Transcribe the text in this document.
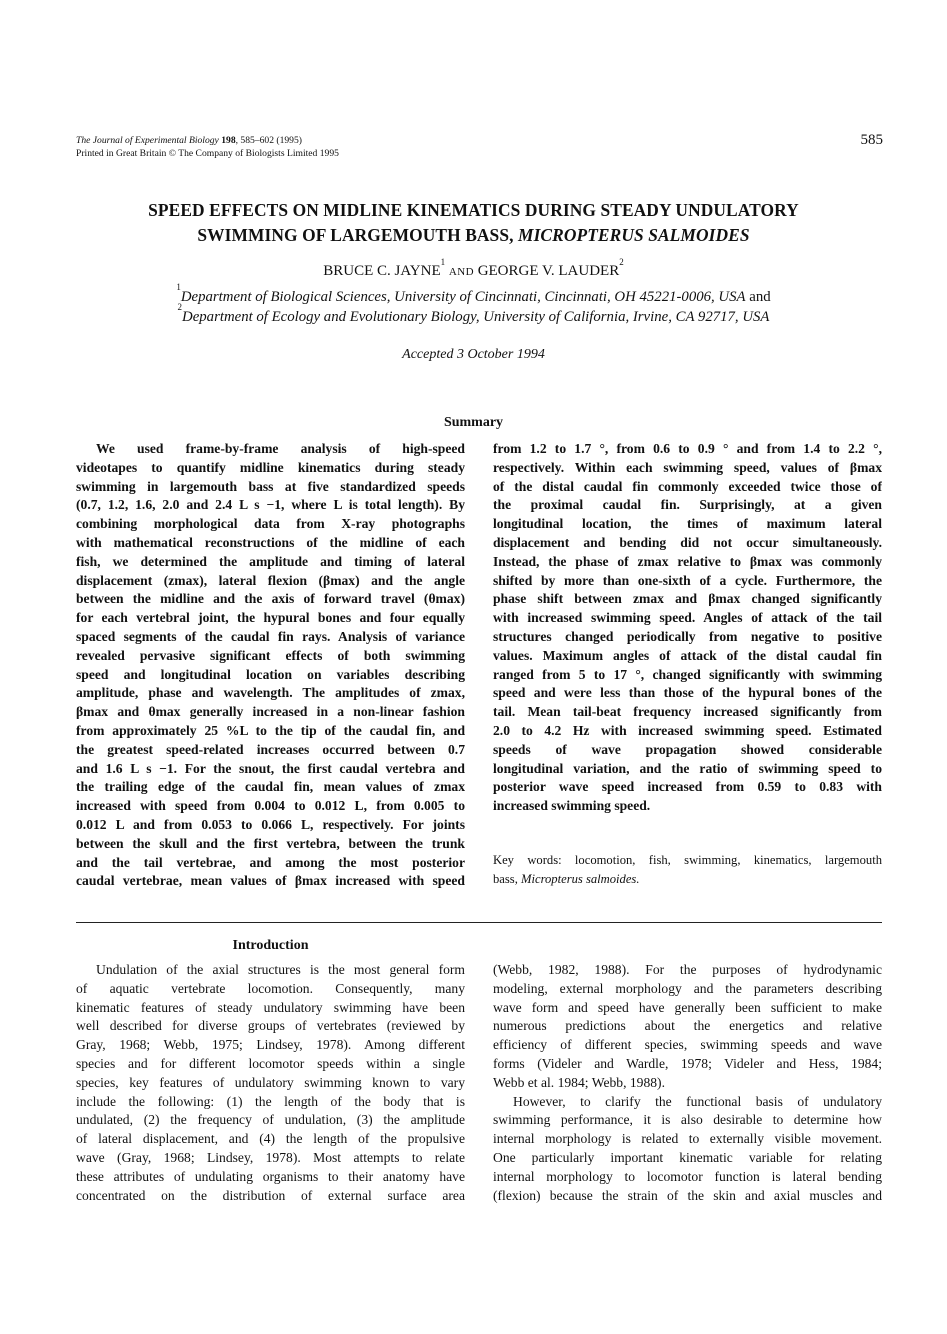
The Journal of Experimental Biology 198, 585–602 (1995)
Printed in Great Britain © The Company of Biologists Limited 1995
585
SPEED EFFECTS ON MIDLINE KINEMATICS DURING STEADY UNDULATORY
SWIMMING OF LARGEMOUTH BASS, MICROPTERUS SALMOIDES
BRUCE C. JAYNE$^1$ AND GEORGE V. LAUDER$^2$
$^1$Department of Biological Sciences, University of Cincinnati, Cincinnati, OH 45221-0006, USA and
$^2$Department of Ecology and Evolutionary Biology, University of California, Irvine, CA 92717, USA
Accepted 3 October 1994
Summary
We used frame-by-frame analysis of high-speed
videotapes to quantify midline kinematics during steady
swimming in largemouth bass at five standardized speeds
(0.7, 1.2, 1.6, 2.0 and 2.4 L s −1, where L is total length). By
combining morphological data from X-ray photographs
with mathematical reconstructions of the midline of each
fish, we determined the amplitude and timing of lateral
displacement (zmax), lateral flexion (βmax) and the angle
between the midline and the axis of forward travel (θmax)
for each vertebral joint, the hypural bones and four equally
spaced segments of the caudal fin rays. Analysis of variance
revealed pervasive significant effects of both swimming
speed and longitudinal location on variables describing
amplitude, phase and wavelength. The amplitudes of zmax,
βmax and θmax generally increased in a non-linear fashion
from approximately 25 %L to the tip of the caudal fin, and
the greatest speed-related increases occurred between 0.7
and 1.6 L s −1. For the snout, the first caudal vertebra and
the trailing edge of the caudal fin, mean values of zmax
increased with speed from 0.004 to 0.012 L, from 0.005 to
0.012 L and from 0.053 to 0.066 L, respectively. For joints
between the skull and the first vertebra, between the trunk
and the tail vertebrae, and among the most posterior
caudal vertebrae, mean values of βmax increased with speed
from 1.2 to 1.7 °, from 0.6 to 0.9 ° and from 1.4 to 2.2 °,
respectively. Within each swimming speed, values of βmax
of the distal caudal fin commonly exceeded twice those of
the proximal caudal fin. Surprisingly, at a given
longitudinal location, the times of maximum lateral
displacement and bending did not occur simultaneously.
Instead, the phase of zmax relative to βmax was commonly
shifted by more than one-sixth of a cycle. Furthermore, the
phase shift between zmax and βmax changed significantly
with increased swimming speed. Angles of attack of the tail
structures changed periodically from negative to positive
values. Maximum angles of attack of the distal caudal fin
ranged from 5 to 17 °, changed significantly with swimming
speed and were less than those of the hypural bones of the
tail. Mean tail-beat frequency increased significantly from
2.0 to 4.2 Hz with increased swimming speed. Estimated
speeds of wave propagation showed considerable
longitudinal variation, and the ratio of swimming speed to
posterior wave speed increased from 0.59 to 0.83 with
increased swimming speed.
Key words: locomotion, fish, swimming, kinematics, largemouth
bass, Micropterus salmoides.
Introduction
Undulation of the axial structures is the most general form
of aquatic vertebrate locomotion. Consequently, many
kinematic features of steady undulatory swimming have been
well described for diverse groups of vertebrates (reviewed by
Gray, 1968; Webb, 1975; Lindsey, 1978). Among different
species and for different locomotor speeds within a single
species, key features of undulatory swimming known to vary
include the following: (1) the length of the body that is
undulated, (2) the frequency of undulation, (3) the amplitude
of lateral displacement, and (4) the length of the propulsive
wave (Gray, 1968; Lindsey, 1978). Most attempts to relate
these attributes of undulating organisms to their anatomy have
concentrated on the distribution of external surface area
(Webb, 1982, 1988). For the purposes of hydrodynamic
modeling, external morphology and the parameters describing
wave form and speed have generally been sufficient to make
numerous predictions about the energetics and relative
efficiency of different species, swimming speeds and wave
forms (Videler and Wardle, 1978; Videler and Hess, 1984;
Webb et al. 1984; Webb, 1988).
However, to clarify the functional basis of undulatory
swimming performance, it is also desirable to determine how
internal morphology is related to externally visible movement.
One particularly important kinematic variable for relating
internal morphology to locomotor function is lateral bending
(flexion) because the strain of the skin and axial muscles and
